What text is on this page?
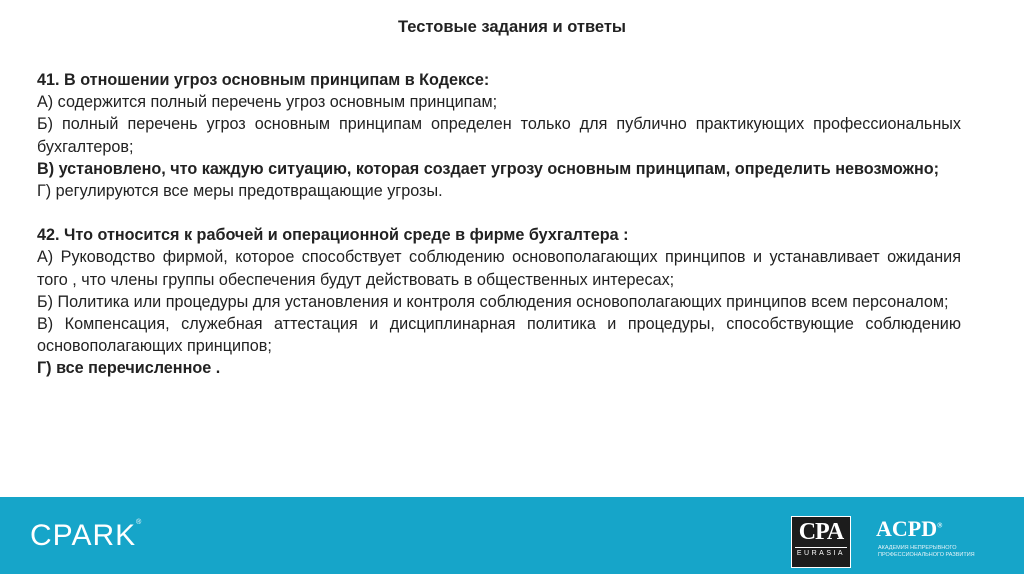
Тестовые задания и ответы

41. В отношении угроз основным принципам в Кодексе:

А) содержится полный перечень угроз основным принципам;

Б) полный перечень угроз основным принципам определен только для публично практикующих профессиональных бухгалтеров;

В) установлено, что каждую ситуацию, которая создает угрозу основным принципам, определить невозможно;

Г) регулируются все меры предотвращающие угрозы.

42. Что относится к рабочей и операционной среде в фирме бухгалтера :

А) Руководство фирмой, которое способствует соблюдению основополагающих принципов и устанавливает ожидания того , что члены группы обеспечения будут действовать в общественных интересах;

Б) Политика или процедуры для установления и контроля соблюдения основополагающих принципов всем персоналом;

В) Компенсация, служебная аттестация и дисциплинарная политика и процедуры, способствующие соблюдению основополагающих принципов;

Г) все перечисленное .

CPARK®	CPA
EURASIA
ACPD®
АКАДЕМИЯ НЕПРЕРЫВНОГО ПРОФЕССИОНАЛЬНОГО РАЗВИТИЯ
